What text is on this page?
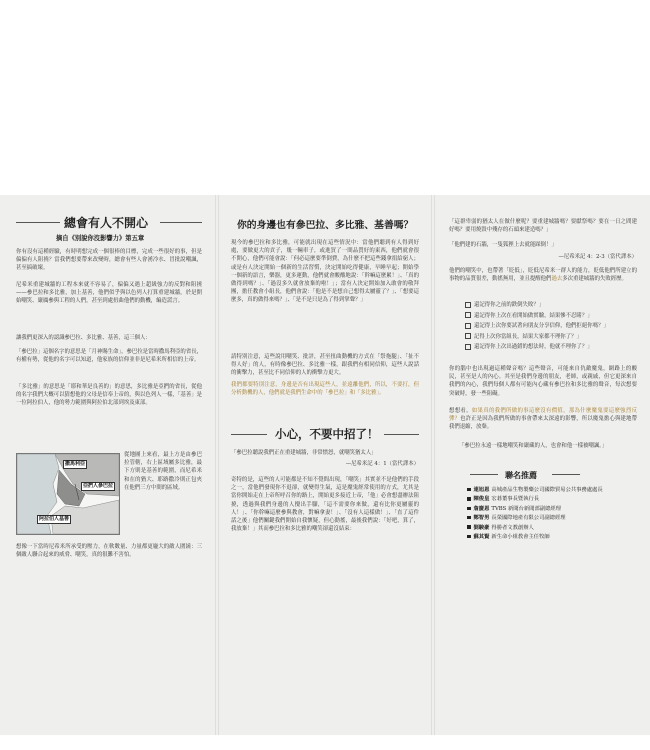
總會有人不開心
摘自《別說你沒影響力》第五章

你有沒有這種經驗，有時明想完成一個很棒的目標，完成一些很好的事，但是偏偏有人阻撓？當我們想要帶來改變時，總會有些人會湧冷水、冒批說嘲諷，甚至搞破壞。

尼希米重建城牆的工程本來就不容易了，偏偏又遇上超級強力的反對和阻撓——參巴拉和多比雅，加上基善，他們似乎與以色列人打算重建城牆，於是開始嘲笑、嚴厲參與工程的人們，甚至到處扭曲他們的動機，編造謊言。

讓我們更深入的認識參巴拉、多比雅、基善，這三個人：

「參巴拉」這個名字的意思是「月神賜生命」，參巴拉是當時撒馬利亞的省長，有權有勢，從他的名字可以知道，他家族的信仰並非是尼希米所相信的上帝。

「多比雅」的意思是「耶和華是良善的」的意思，多比雅是亞捫的省長，從他的名字我們大概可以猜想他的父母是信奉上帝的，與以色列人一樣，「基善」是一位阿拉伯人，他的勢力範圍與阿拉伯北部到埃及東部。

撒馬利亞
亞捫人參巴拉
阿拉伯人基善

從地圖上來看，最上方是由參巴拉管轄，右上區域屬多比雅，最下方則是基善的範圍，而尼希米和在的猶大、耶路撒冷則正包夾在他們三方中間的區域。

想像一下當時尼希米所承受的壓力，在軟數量、力量都更龐大的敵人圍繞：三個敵人聯合起來的威脅、嘲笑，真的很難不害怕。

你的身邊也有參巴拉、多比雅、基善嗎？

現今的參巴拉和多比雅，可能就出現在這些情況中：當他們聽到有人得到好處，要做更大的貢子，幾一輛車子，或進買了一間品質好的東西，他們就會很不開心，他們可能會說：「何必這麼要準倒費，為什麼不把這些錢拿捐給窮人；或是有人決定開始一個新的生活習慣，決定開始吃得健康，早睡早起；開始學一個新的語言，樂器，更多運動，他們就會酸酸地說：「幹嘛這麼累！」、「真的做得到嗎？」、「過沒多久就會放棄的啦！」；當有人決定開始加入敢會的敬拜團，擔任教會小組長，他們會說：「他是不是想自己想得太屬靈了？」、「想要這麼多，真的做得來嗎？」、「是不是只是為了得到掌聲？」

請特別注意，這些說用嘲笑、批評，甚至扭曲動機的方式在「祭拖腿」、「扯不得人好」的人，有時像參巴拉、多比雅一樣，跟我們有相同信仰，這些人說話的衝擊力，甚至比不同信仰的人的衝擊力更大。

我們都要特別注意，身邊是否有出現這些人，並遠離他們，所以，不要打，但分析動機的人，他們就是我們生命中的「參巴拉」和「多比雅」。

小心，不要中招了！

「參巴拉聽說我們正在重建城牆，非常憤怒，就嘲笑猶太人」

—尼希米記 4：1（當代譯本）

奇特的是，這些的人可能都是不知不覺間出現，「嘲笑」其實並不是他們的手段之一，當他們發現你不退卻，就變得生氣，這是魔鬼經常使用的方式，尤其是當你開始走在上帝所呼召你的路上，開始更多接近上帝，「他」必會想盡辦法阻撓，透過與我們身邊的人攪出手腳，「這不需要你來做，還有比你更屬靈的人！」、「你幹嘛這麼參與教會，對嘛拿妻！」、「沒有人這樣做！」、「直了這件話之後」他們關鍵我們開始自我懷疑，但心動搖，最後我們說：「好吧，算了，我放棄！」其而參巴拉和多比雅的嘲笑卻還沒結束：

「這群卑弱的猶太人在做什麼呢？要重建城牆嗎？要獻祭嗎？要在一日之間建好嗎？要用燒毀中殘存的石頭來建造嗎？」

「他們建的石牆，一隻狐狸上去就能踩倒！」

—尼希米記 4：2-3（當代譯本）

他們的嘲笑中，也帶著「貶低」，貶低尼希米一群人的能力，貶低他們所建立的事物的品質很差，動搖無用，並且提醒他們過去多次重建城牆的失敗經歷。

還記得你之前的跌倒失敗？」
還記得你上次在看開始做實驗，結果慘不忍睹？」
還記得上次你要試著向朋友分享信仰，他們拒絕你嗎？」
記得上次你當組長，結果大家都不理你了？」
還記得你上次出過錯的想法時，他就不理你了？」

你的腦中也出現過這種聲音嗎？這些聲音，可能來自仇敵魔鬼，網路上的酸民，甚至是人的內心。其至是我們身邊的朋友，老師，或親戚，但它更深來自我們的內心，我們每個人都有可能內心藏有參巴拉和多比雅的聲音，每次想要突破時，發一些阻礙。

想想看，如果真的我們所做的事這麼沒有價值，那為什麼魔鬼要這麼強烈反彈？也許正是因為我們所做的事會帶來太深遠的影響，所以魔鬼擔心與建地帶我們退縮，放棄。

「參巴拉永遠一樣地嘲笑和嚴藏的人，也會和他一樣被嘲諷。」

聯名推薦
連旭恩 高城產品生物製藥公司國際貿易公共事務處處長
陳俊皇 宏碁董事長暨執行長
詹慶恩 TVBS 新聞台新聞部副總經理
鄭智男 長榮國際地產有限公司副總經理
劉駿豪 得勝者文教創辦人
蘇其賢 新生命小組教會主任牧師
